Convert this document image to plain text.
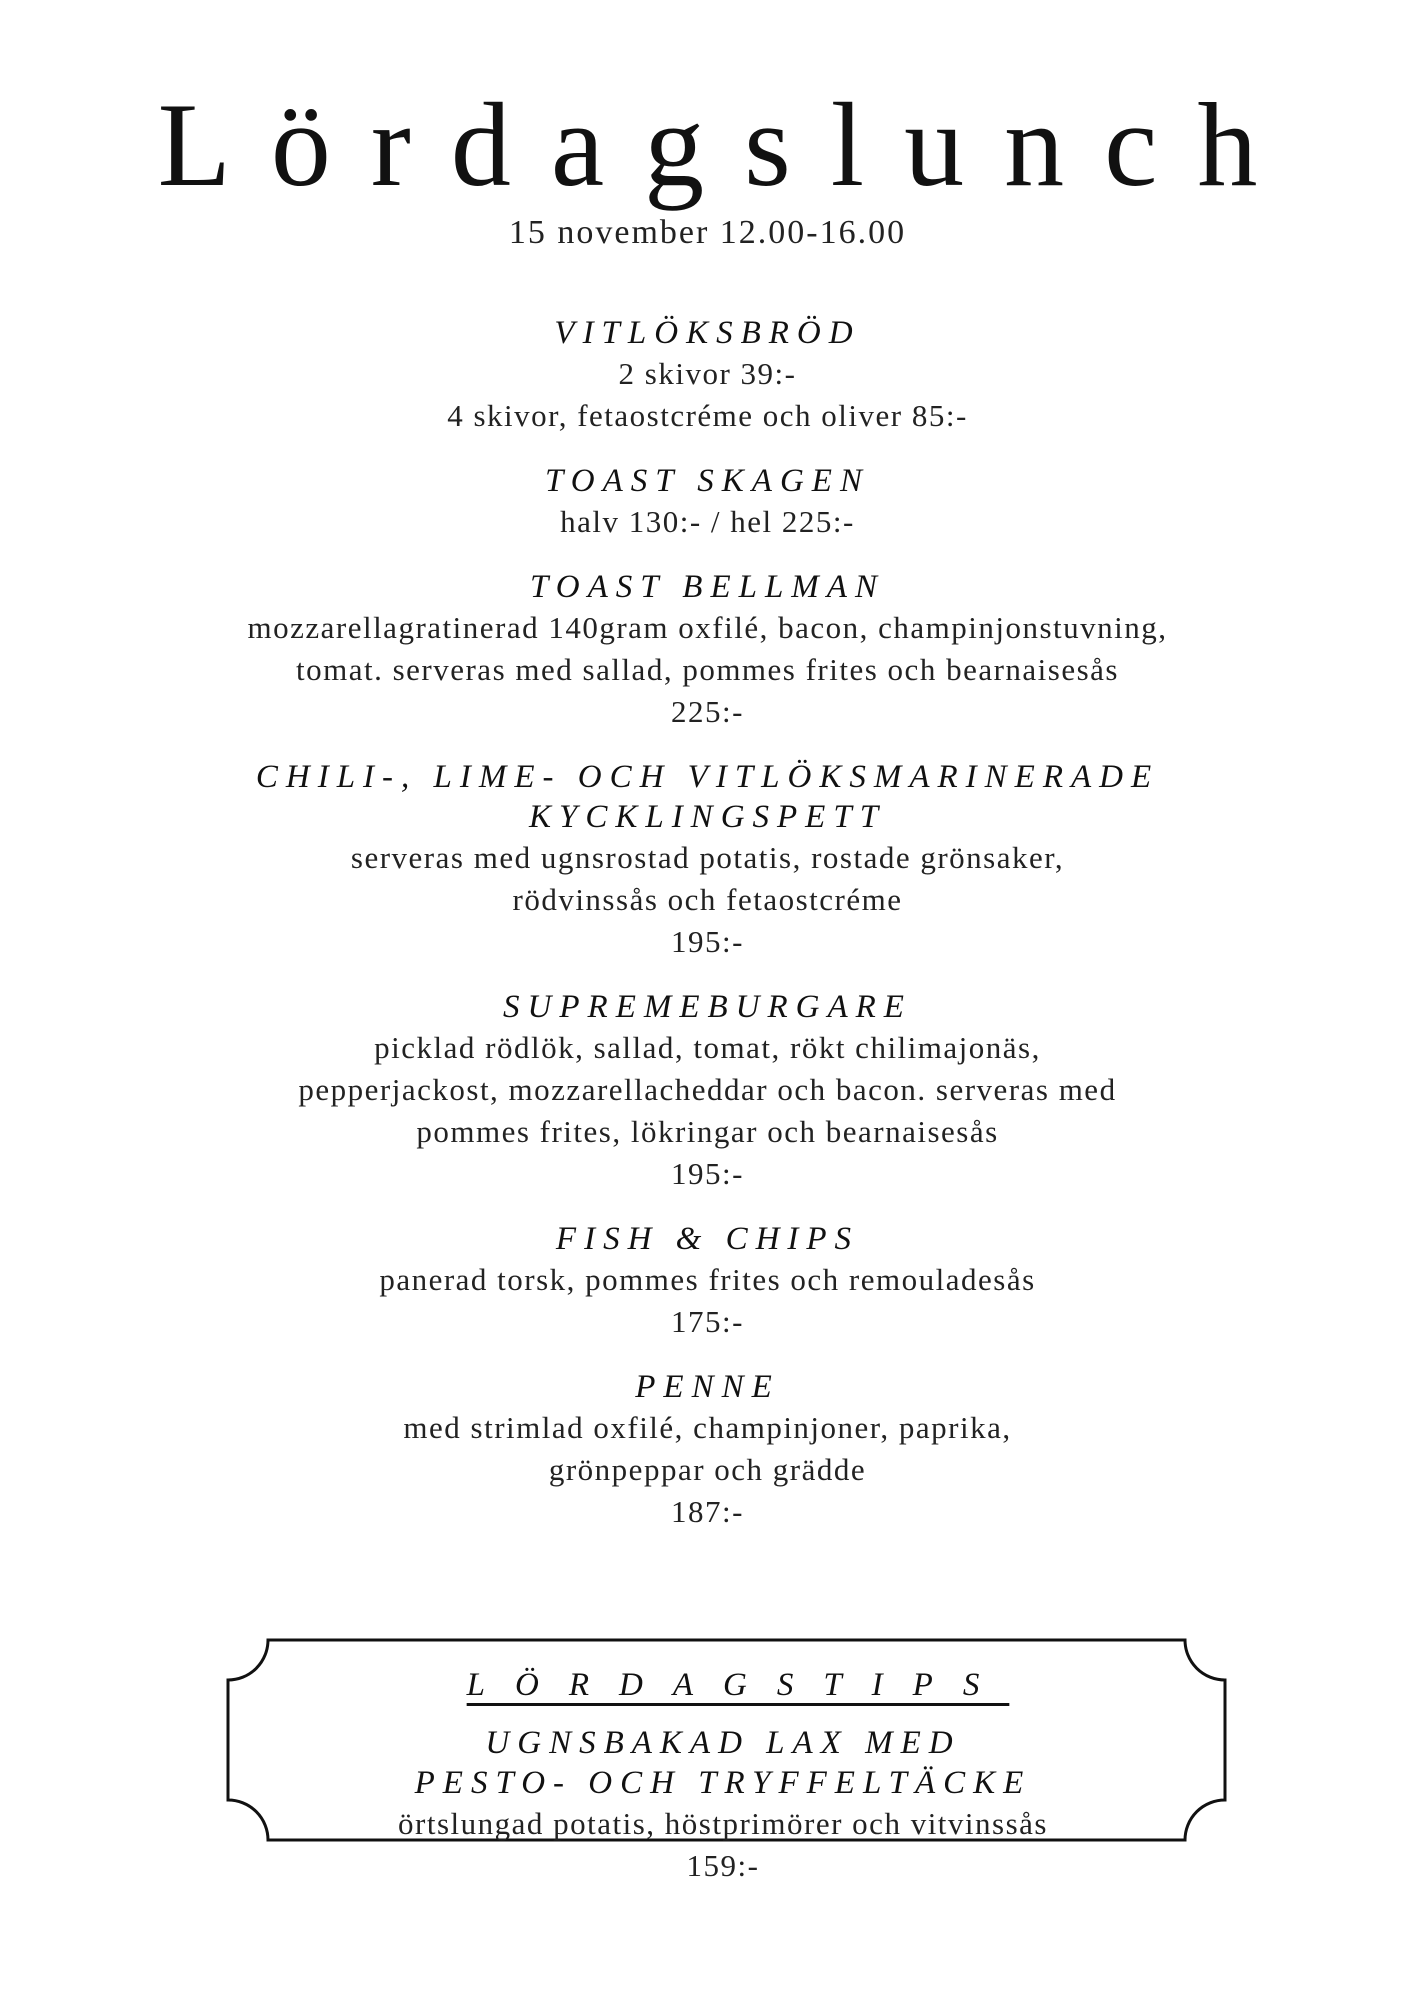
Lördagslunch
15 november 12.00-16.00
VITLÖKSBRÖD
2 skivor 39:-
4 skivor, fetaostcréme och oliver 85:-
TOAST SKAGEN
halv 130:- / hel 225:-
TOAST BELLMAN
mozzarellagratinerad 140gram oxfilé, bacon, champinjonstuvning,
tomat. serveras med sallad, pommes frites och bearnaisesås
225:-
CHILI-, LIME- OCH VITLÖKSMARINERADE KYCKLINGSPETT
serveras med ugnsrostad potatis, rostade grönsaker,
rödvinssås och fetaostcréme
195:-
SUPREMEBURGARE
picklad rödlök, sallad, tomat, rökt chilimajonäs,
pepperjackost, mozzarellacheddar och bacon. serveras med
pommes frites, lökringar och bearnaisesås
195:-
FISH & CHIPS
panerad torsk, pommes frites och remouladesås
175:-
PENNE
med strimlad oxfilé, champinjoner, paprika,
grönpeppar och grädde
187:-
LÖRDAGSTIPS
UGNSBAKAD LAX MED
PESTO- OCH TRYFFELTÄCKE
örtslungad potatis, höstprimörer och vitvinssås
159:-
